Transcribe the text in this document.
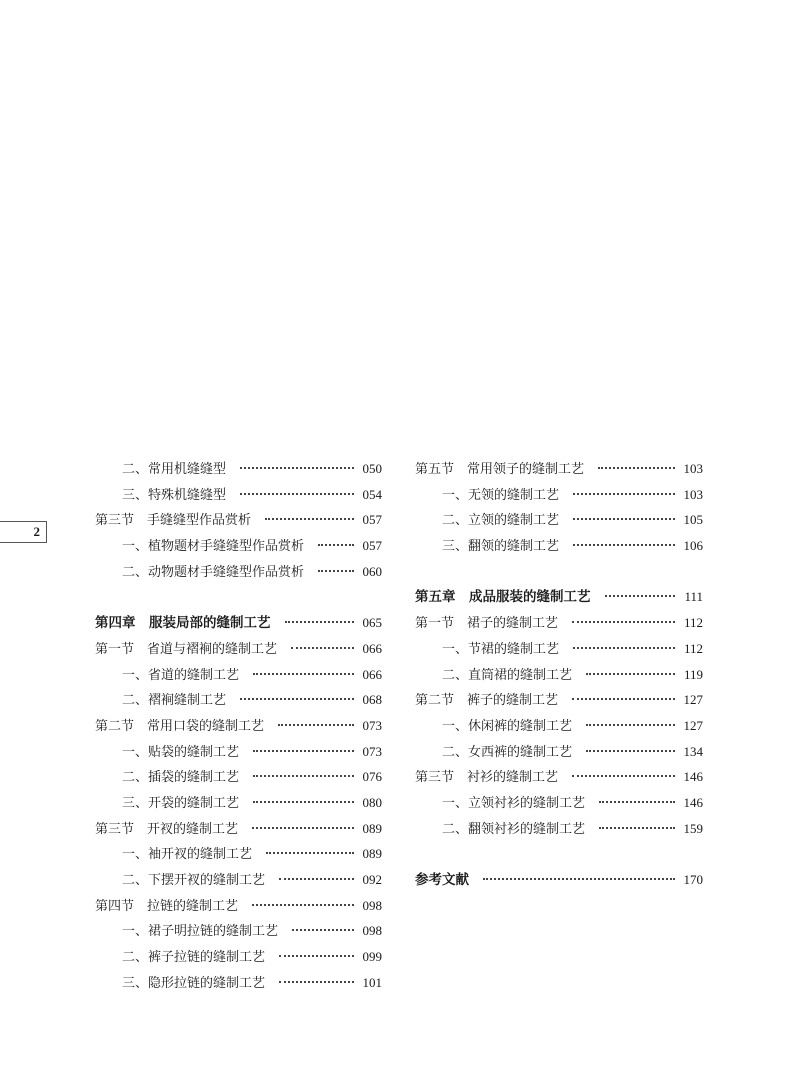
2
二、常用机缝缝型	050
三、特殊机缝缝型	054
第三节　手缝缝型作品赏析	057
一、植物题材手缝缝型作品赏析	057
二、动物题材手缝缝型作品赏析	060
第四章　服装局部的缝制工艺	065
第一节　省道与褶裥的缝制工艺	066
一、省道的缝制工艺	066
二、褶裥缝制工艺	068
第二节　常用口袋的缝制工艺	073
一、贴袋的缝制工艺	073
二、插袋的缝制工艺	076
三、开袋的缝制工艺	080
第三节　开衩的缝制工艺	089
一、袖开衩的缝制工艺	089
二、下摆开衩的缝制工艺	092
第四节　拉链的缝制工艺	098
一、裙子明拉链的缝制工艺	098
二、裤子拉链的缝制工艺	099
三、隐形拉链的缝制工艺	101
第五节　常用领子的缝制工艺	103
一、无领的缝制工艺	103
二、立领的缝制工艺	105
三、翻领的缝制工艺	106
第五章　成品服装的缝制工艺	111
第一节　裙子的缝制工艺	112
一、节裙的缝制工艺	112
二、直筒裙的缝制工艺	119
第二节　裤子的缝制工艺	127
一、休闲裤的缝制工艺	127
二、女西裤的缝制工艺	134
第三节　衬衫的缝制工艺	146
一、立领衬衫的缝制工艺	146
二、翻领衬衫的缝制工艺	159
参考文献	170
